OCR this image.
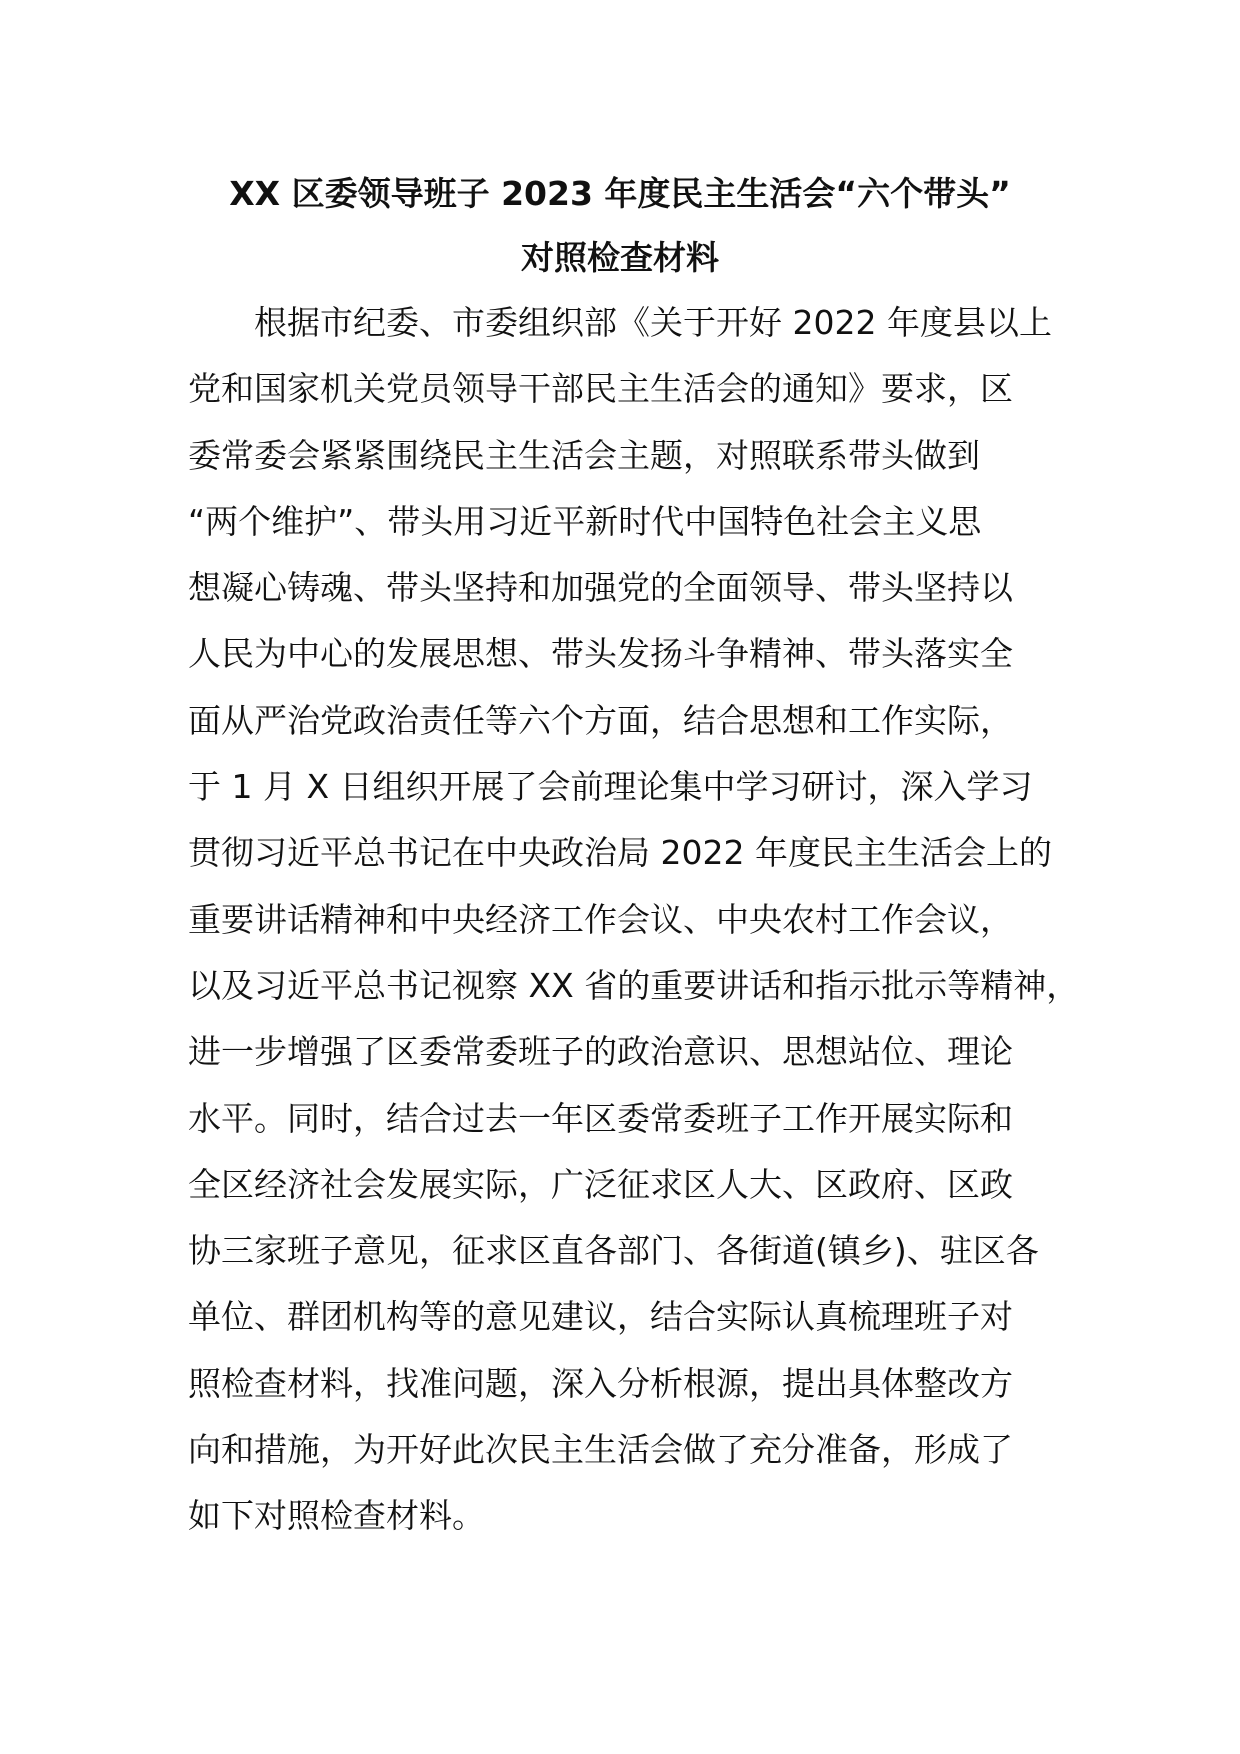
XX 区委领导班子 2023 年度民主生活会“六个带头”
对照检查材料
　　根据市纪委、市委组织部《关于开好 2022 年度县以上
党和国家机关党员领导干部民主生活会的通知》要求，区
委常委会紧紧围绕民主生活会主题，对照联系带头做到
“两个维护”、带头用习近平新时代中国特色社会主义思
想凝心铸魂、带头坚持和加强党的全面领导、带头坚持以
人民为中心的发展思想、带头发扬斗争精神、带头落实全
面从严治党政治责任等六个方面，结合思想和工作实际，
于 1 月 X 日组织开展了会前理论集中学习研讨，深入学习
贯彻习近平总书记在中央政治局 2022 年度民主生活会上的
重要讲话精神和中央经济工作会议、中央农村工作会议，
以及习近平总书记视察 XX 省的重要讲话和指示批示等精神，
进一步增强了区委常委班子的政治意识、思想站位、理论
水平。同时，结合过去一年区委常委班子工作开展实际和
全区经济社会发展实际，广泛征求区人大、区政府、区政
协三家班子意见，征求区直各部门、各街道(镇乡)、驻区各
单位、群团机构等的意见建议，结合实际认真梳理班子对
照检查材料，找准问题，深入分析根源，提出具体整改方
向和措施，为开好此次民主生活会做了充分准备，形成了
如下对照检查材料。
